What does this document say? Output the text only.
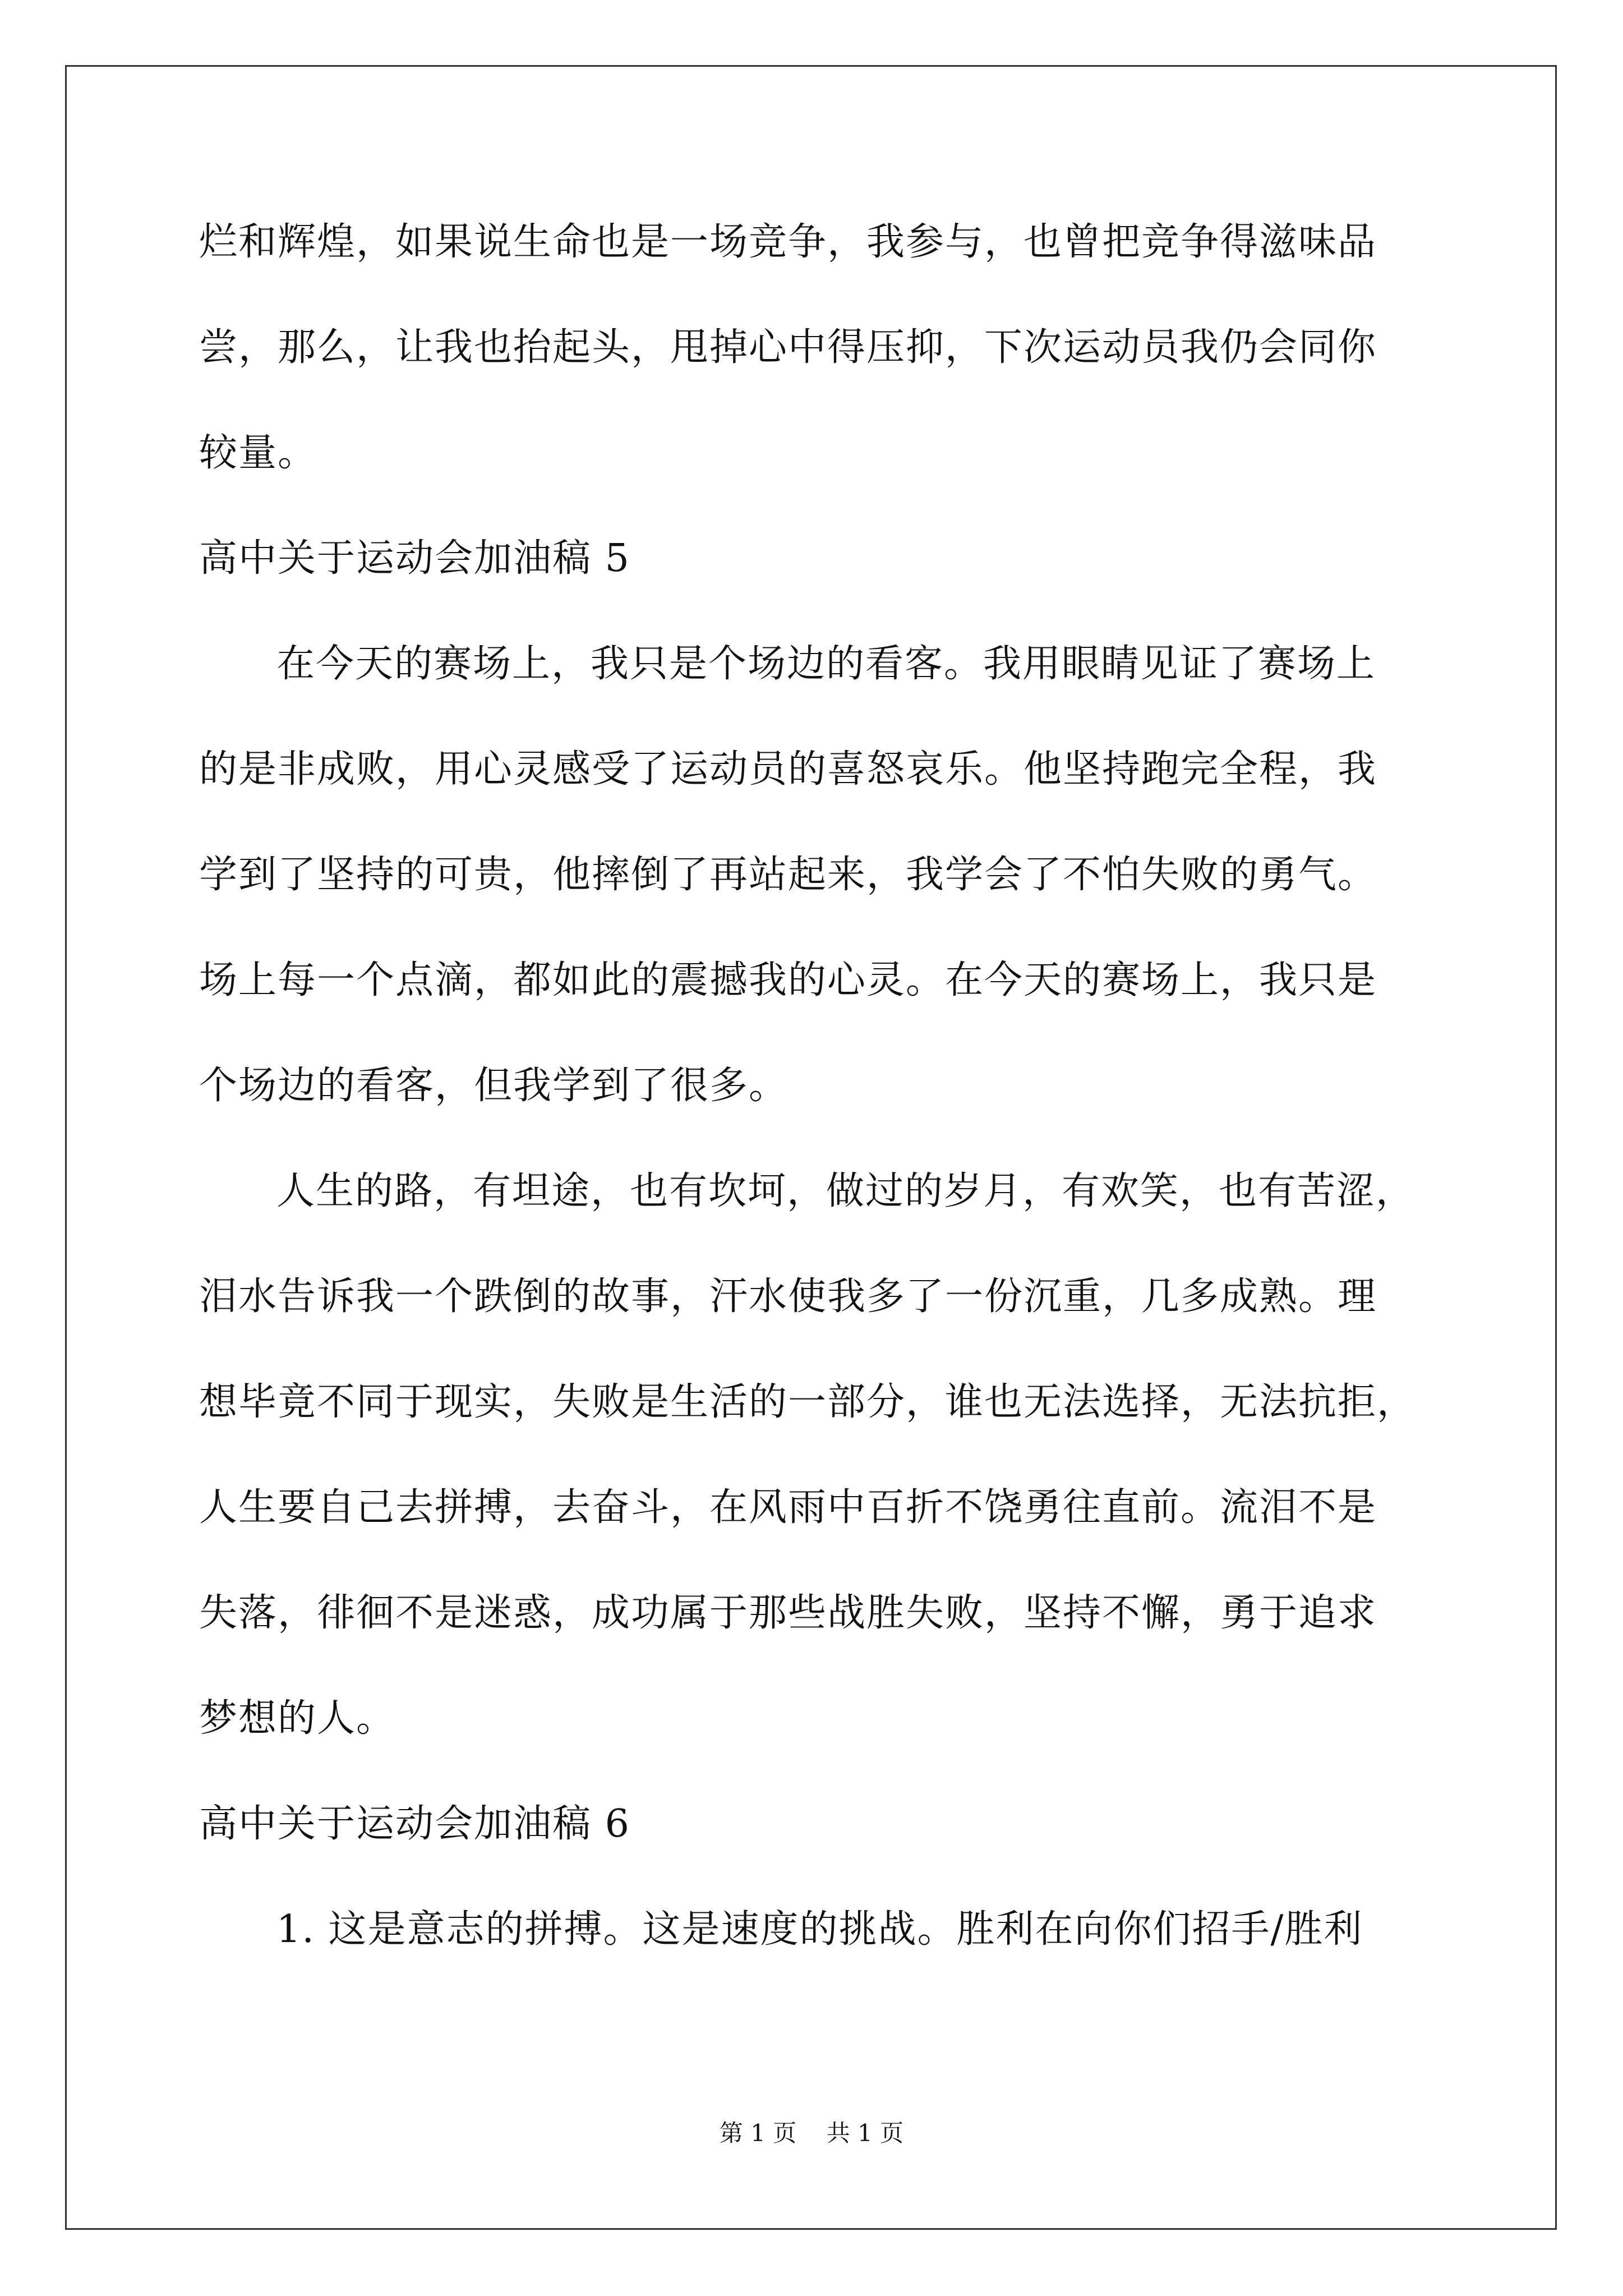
烂和辉煌，如果说生命也是一场竞争，我参与，也曾把竞争得滋味品
尝，那么，让我也抬起头，甩掉心中得压抑，下次运动员我仍会同你
较量。
高中关于运动会加油稿 5
在今天的赛场上，我只是个场边的看客。我用眼睛见证了赛场上
的是非成败，用心灵感受了运动员的喜怒哀乐。他坚持跑完全程，我
学到了坚持的可贵，他摔倒了再站起来，我学会了不怕失败的勇气。
场上每一个点滴，都如此的震撼我的心灵。在今天的赛场上，我只是
个场边的看客，但我学到了很多。
人生的路，有坦途，也有坎坷，做过的岁月，有欢笑，也有苦涩，
泪水告诉我一个跌倒的故事，汗水使我多了一份沉重，几多成熟。理
想毕竟不同于现实，失败是生活的一部分，谁也无法选择，无法抗拒，
人生要自己去拼搏，去奋斗，在风雨中百折不饶勇往直前。流泪不是
失落，徘徊不是迷惑，成功属于那些战胜失败，坚持不懈，勇于追求
梦想的人。
高中关于运动会加油稿 6
1. 这是意志的拼搏。这是速度的挑战。胜利在向你们招手/胜利
第 1 页    共 1 页
